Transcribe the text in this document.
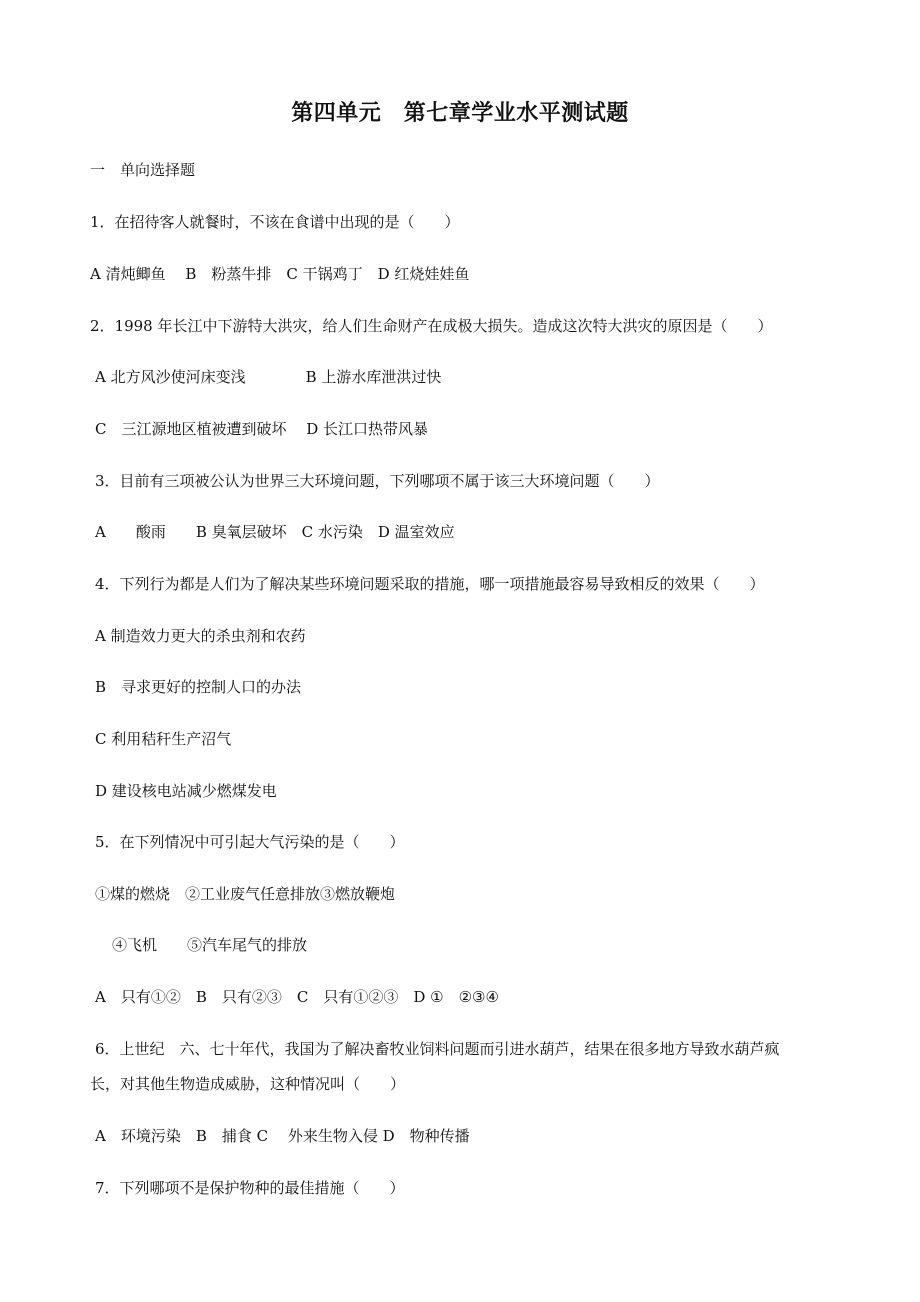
第四单元　第七章学业水平测试题
一　单向选择题
1．在招待客人就餐时，不该在食谱中出现的是（　　）
A 清炖鲫鱼　 B　粉蒸牛排　C 干锅鸡丁　D 红烧娃娃鱼
2．1998 年长江中下游特大洪灾，给人们生命财产在成极大损失。造成这次特大洪灾的原因是（　　）
A 北方风沙使河床变浅　　　　B 上游水库泄洪过快
C　三江源地区植被遭到破坏　 D 长江口热带风暴
3．目前有三项被公认为世界三大环境问题，下列哪项不属于该三大环境问题（　　）
A　　酸雨　　B 臭氧层破坏　C 水污染　D 温室效应
4．下列行为都是人们为了解决某些环境问题采取的措施，哪一项措施最容易导致相反的效果（　　）
A 制造效力更大的杀虫剂和农药
B　寻求更好的控制人口的办法
C 利用秸秆生产沼气
D 建设核电站减少燃煤发电
5．在下列情况中可引起大气污染的是（　　）
①煤的燃烧　②工业废气任意排放③燃放鞭炮
　④飞机　　⑤汽车尾气的排放
A　只有①②　B　只有②③　C　只有①②③　D ①　②③④
6．上世纪　六、七十年代，我国为了解决畜牧业饲料问题而引进水葫芦，结果在很多地方导致水葫芦疯
长，对其他生物造成威胁，这种情况叫（　　）
A　环境污染　B　捕食 C　 外来生物入侵 D　物种传播
7．下列哪项不是保护物种的最佳措施（　　）
